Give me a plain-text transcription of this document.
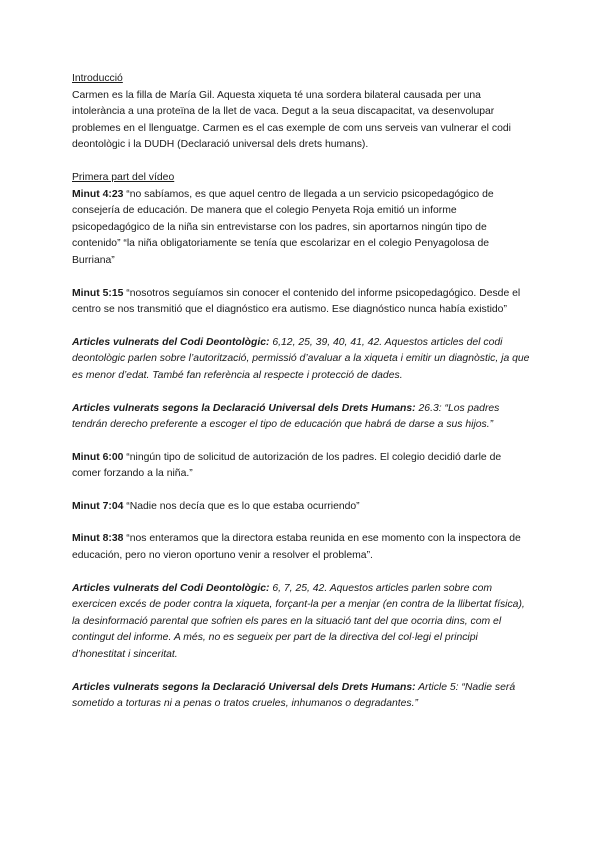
Introducció

Carmen es la filla de María Gil. Aquesta xiqueta té una sordera bilateral causada per una intolerància a una proteïna de la llet de vaca. Degut a la seua discapacitat, va desenvolupar problemes en el llenguatge. Carmen es el cas exemple de com uns serveis van vulnerar el codi deontològic i la DUDH (Declaració universal dels drets humans).

Primera part del vídeo

Minut 4:23 “no sabíamos, es que aquel centro de llegada a un servicio psicopedagógico de consejería de educación. De manera que el colegio Penyeta Roja emitió un informe psicopedagógico de la niña sin entrevistarse con los padres, sin aportarnos ningún tipo de contenido” “la niña obligatoriamente se tenía que escolarizar en el colegio Penyagolosa de Burriana”

Minut 5:15 “nosotros seguíamos sin conocer el contenido del informe psicopedagógico. Desde el centro se nos transmitió que el diagnóstico era autismo. Ese diagnóstico nunca había existido”

Articles vulnerats del Codi Deontològic: 6,12, 25, 39, 40, 41, 42. Aquestos articles del codi deontològic parlen sobre l’autorització, permissió d’avaluar a la xiqueta i emitir un diagnòstic, ja que es menor d’edat. També fan referència al respecte i protecció de dades.

Articles vulnerats segons la Declaració Universal dels Drets Humans: 26.3: “Los padres tendrán derecho preferente a escoger el tipo de educación que habrá de darse a sus hijos.”

Minut 6:00 “ningún tipo de solicitud de autorización de los padres. El colegio decidió darle de comer forzando a la niña.”

Minut 7:04 “Nadie nos decía que es lo que estaba ocurriendo”

Minut 8:38 “nos enteramos que la directora estaba reunida en ese momento con la inspectora de educación, pero no vieron oportuno venir a resolver el problema”.

Articles vulnerats del Codi Deontològic: 6, 7, 25, 42. Aquestos articles parlen sobre com exercicen excés de poder contra la xiqueta, forçant-la per a menjar (en contra de la llibertat física), la desinformació parental que sofrien els pares en la situació tant del que ocorria dins, com el contingut del informe. A més, no es segueix per part de la directiva del col·legi el principi d’honestitat i sinceritat.

Articles vulnerats segons la Declaració Universal dels Drets Humans: Article 5: “Nadie será sometido a torturas ni a penas o tratos crueles, inhumanos o degradantes.”
